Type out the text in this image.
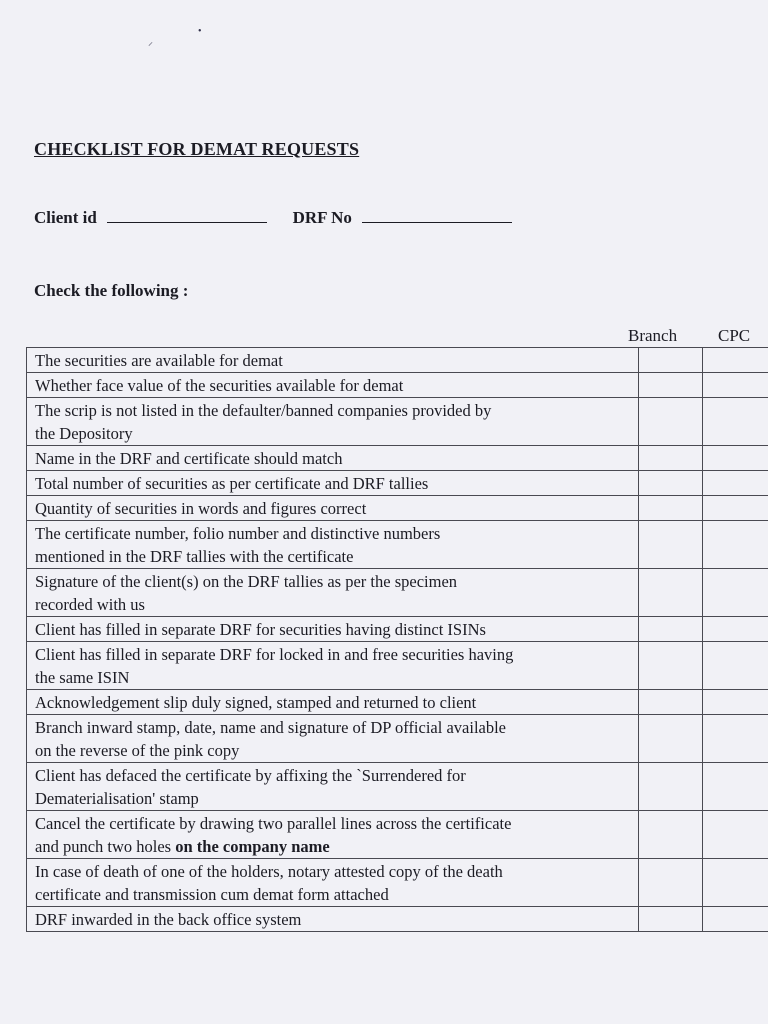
⸝
•
CHECKLIST FOR DEMAT REQUESTS
Client id	DRF No
Check the following :
Branch CPC
The securities are available for demat		
Whether face value of the securities available for demat		
The scrip is not listed in the defaulter/banned companies provided by
the Depository		
Name in the DRF and certificate should match		
Total number of securities as per certificate and DRF tallies		
Quantity of securities in words and figures correct		
The certificate number, folio number and distinctive numbers
mentioned in the DRF tallies with the certificate		
Signature of the client(s) on the DRF tallies as per the specimen
recorded with us		
Client has filled in separate DRF for securities having distinct ISINs		
Client has filled in separate DRF for locked in and free securities having
the same ISIN		
Acknowledgement slip duly signed, stamped and returned to client		
Branch inward stamp, date, name and signature of DP official available
on the reverse of the pink copy		
Client has defaced the certificate by affixing the `Surrendered for
Dematerialisation' stamp		
Cancel the certificate by drawing two parallel lines across the certificate
and punch two holes on the company name		
In case of death of one of the holders, notary attested copy of the death
certificate and transmission cum demat form attached		
DRF inwarded in the back office system		
